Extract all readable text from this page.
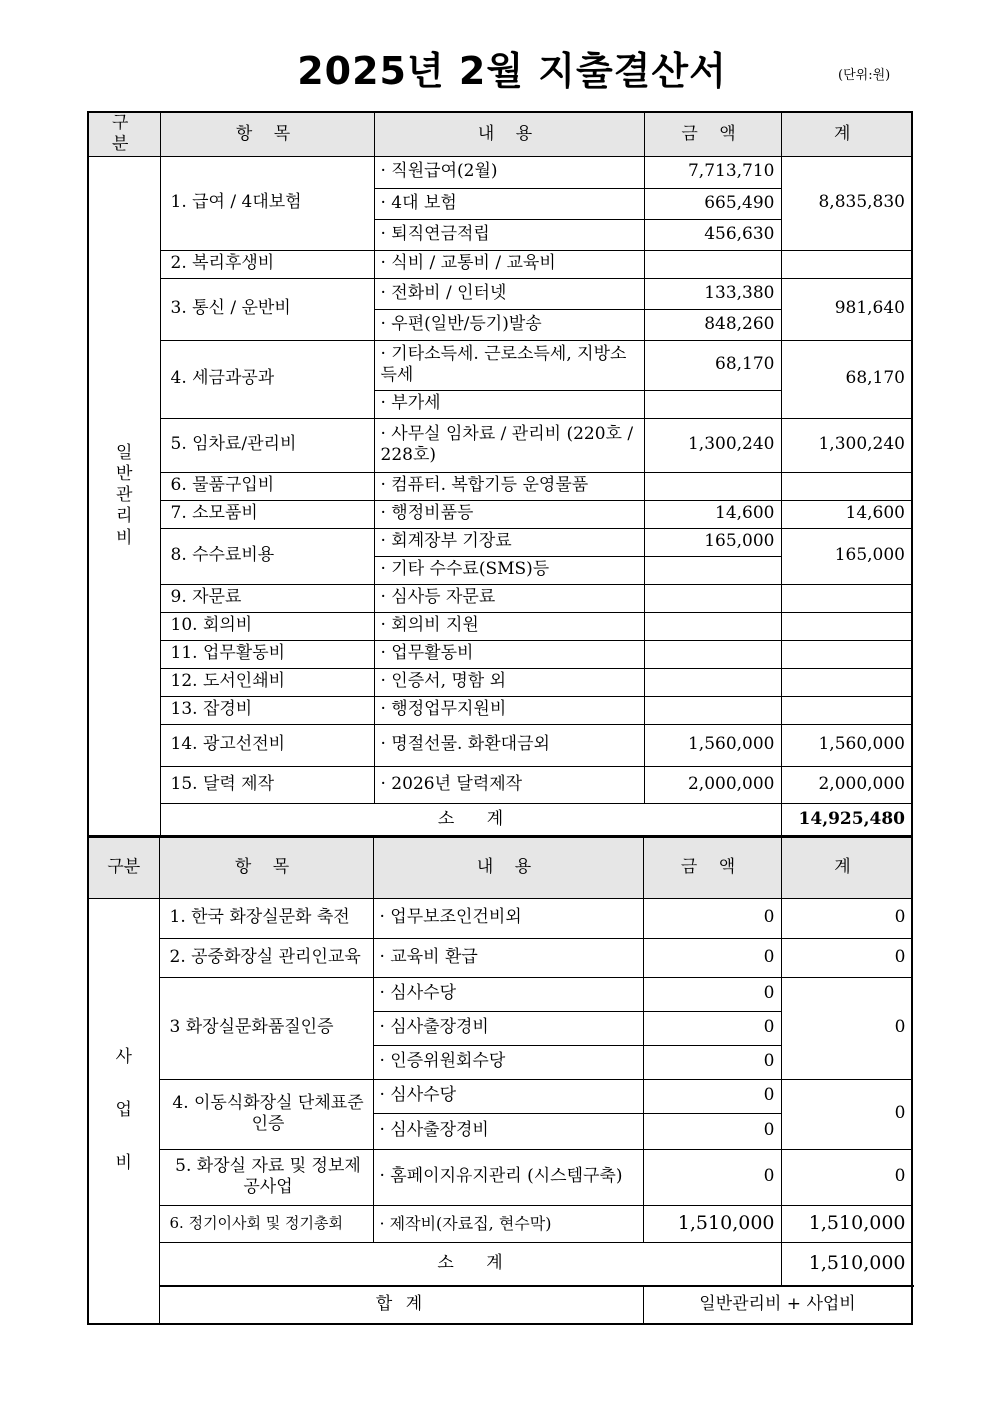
2025년 2월 지출결산서	(단위:원)
구 분	항 목	내 용	금 액	계

일
반
관
리
비	1. 급여 / 4대보험	· 직원급여(2월)	7,713,710	8,835,830
		· 4대 보험	665,490	
		· 퇴직연금적립	456,630	
	2. 복리후생비	· 식비 / 교통비 / 교육비		
	3. 통신 / 운반비	· 전화비 / 인터넷	133,380	981,640
		· 우편(일반/등기)발송	848,260	
	4. 세금과공과	· 기타소득세. 근로소득세, 지방소득세	68,170	68,170
		· 부가세		
	5. 임차료/관리비	· 사무실 임차료 / 관리비 (220호 / 228호)	1,300,240	1,300,240
	6. 물품구입비	· 컴퓨터. 복합기등 운영물품		
	7. 소모품비	· 행정비품등	14,600	14,600
	8. 수수료비용	· 회계장부 기장료	165,000	165,000
		· 기타 수수료(SMS)등		
	9. 자문료	· 심사등 자문료		
	10. 회의비	· 회의비 지원		
	11. 업무활동비	· 업무활동비		
	12. 도서인쇄비	· 인증서, 명함 외		
	13. 잡경비	· 행정업무지원비		
	14. 광고선전비	· 명절선물. 화환대금외	1,560,000	1,560,000
	15. 달력 제작	· 2026년 달력제작	2,000,000	2,000,000
	소      계			14,925,480
구분	항 목	내 용	금 액	계	

사
업
비	1. 한국 화장실문화 축전	· 업무보조인건비외	0	0	
	2. 공중화장실 관리인교육	· 교육비 환급	0	0	
	3 화장실문화품질인증	· 심사수당	0	0	
		· 심사출장경비	0		
		· 인증위원회수당	0		
	4. 이동식화장실 단체표준인증	· 심사수당	0	0	
		· 심사출장경비	0		
	5. 화장실 자료 및 정보제공사업	· 홈페이지유지관리 (시스템구축)	0	0	
	6. 정기이사회 및 정기총회	· 제작비(자료집, 현수막)	1,510,000	1,510,000	
	소      계			1,510,000	
	합 계		일반관리비 + 사업비	
